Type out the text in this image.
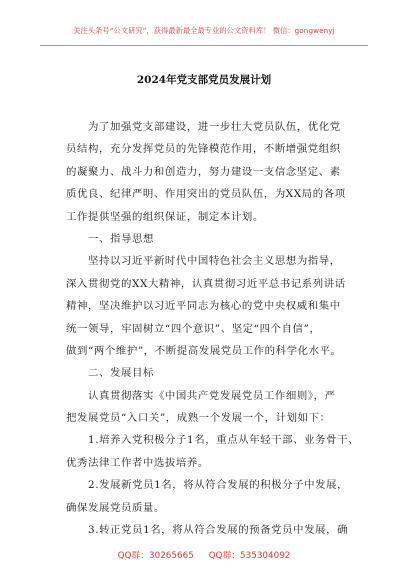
关注头条号“公文研究”，获得最新最全最专业的公文资料库！ 微信：gongwenyj
2024年党支部党员发展计划
为了加强党支部建设，进一步壮大党员队伍，优化党
员结构，充分发挥党员的先锋模范作用，不断增强党组织
的凝聚力、战斗力和创造力，努力建设一支信念坚定、素
质优良、纪律严明、作用突出的党员队伍，为XX局的各项
工作提供坚强的组织保证，制定本计划。
一、指导思想
坚持以习近平新时代中国特色社会主义思想为指导，
深入贯彻党的XX大精神，认真贯彻习近平总书记系列讲话
精神，坚决维护以习近平同志为核心的党中央权威和集中
统一领导，牢固树立“四个意识”、坚定“四个自信”，
做到“两个维护”，不断提高发展党员工作的科学化水平。
二、发展目标
认真贯彻落实《中国共产党发展党员工作细则》，严
把发展党员“入口关”，成熟一个发展一个，计划如下：
1.培养入党积极分子1名，重点从年轻干部、业务骨干、
优秀法律工作者中选拔培养。
2.发展新党员1名，将从符合发展的积极分子中发展，
确保发展党员质量。
3.转正党员1名，将从符合发展的预备党员中发展，确
QQ群：30265665 QQ群：535304092
